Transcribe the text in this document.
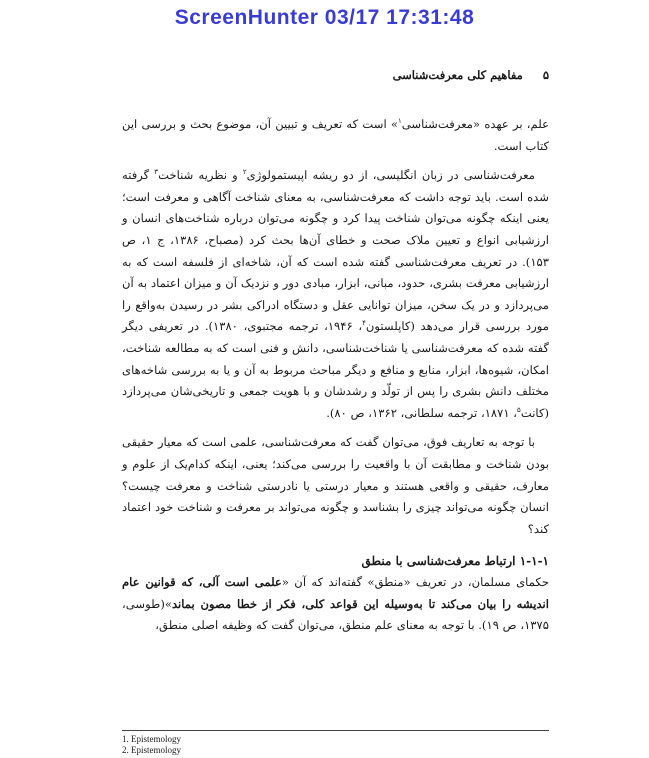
ScreenHunter 03/17 17:31:48
۵ مفاهیم کلی معرفت‌شناسی

علم، بر عهده «معرفت‌شناسی$^۱$» است که تعریف و تبیین آن، موضوع بحث و بررسی این کتاب است.

معرفت‌شناسی در زبان انگلیسی، از دو ریشه اپیستمولوژی$^۲$ و نظریه شناخت$^۳$ گرفته شده است. باید توجه داشت که معرفت‌شناسی، به معنای شناخت آگاهی و معرفت است؛ یعنی اینکه چگونه می‌توان شناخت پیدا کرد و چگونه می‌توان درباره شناخت‌های انسان و ارزشیابی انواع و تعیین ملاک صحت و خطای آن‌ها بحث کرد (مصباح، ۱۳۸۶، ج ۱، ص ۱۵۳). در تعریف معرفت‌شناسی گفته شده است که آن، شاخه‌ای از فلسفه است که به ارزشیابی معرفت بشری، حدود، مبانی، ابزار، مبادی دور و نزدیک آن و میزان اعتماد به آن می‌پردازد و در یک سخن، میزان توانایی عقل و دستگاه ادراکی بشر در رسیدن به‌واقع را مورد بررسی قرار می‌دهد (کاپلستون$^۴$، ۱۹۴۶، ترجمه مجتبوی، ۱۳۸۰). در تعریفی دیگر گفته شده که معرفت‌شناسی یا شناخت‌شناسی، دانش و فنی است که به مطالعه شناخت، امکان، شیوه‌ها، ابزار، منابع و منافع و دیگر مباحث مربوط به آن و یا به بررسی شاخه‌های مختلف دانش بشری را پس از تولّد و رشدشان و با هویت جمعی و تاریخی‌شان می‌پردازد (کانت$^۵$، ۱۸۷۱، ترجمه سلطانی، ۱۳۶۲، ص ۸۰).

با توجه به تعاریف فوق، می‌توان گفت که معرفت‌شناسی، علمی است که معیار حقیقی بودن شناخت و مطابقت آن با واقعیت را بررسی می‌کند؛ یعنی، اینکه کدام‌یک از علوم و معارف، حقیقی و واقعی هستند و معیار درستی یا نادرستی شناخت و معرفت چیست؟ انسان چگونه می‌تواند چیزی را بشناسد و چگونه می‌تواند بر معرفت و شناخت خود اعتماد کند؟

۱-۱-۱ ارتباط معرفت‌شناسی با منطق

حکمای مسلمان، در تعریف «منطق» گفته‌اند که آن «علمی است آلی، که قوانین عام اندیشه را بیان می‌کند تا به‌وسیله این قواعد کلی، فکر از خطا مصون بماند»(طوسی، ۱۳۷۵، ص ۱۹). با توجه به معنای علم منطق، می‌توان گفت که وظیفه اصلی منطق،

1. Epistemology
2. Epistemology
